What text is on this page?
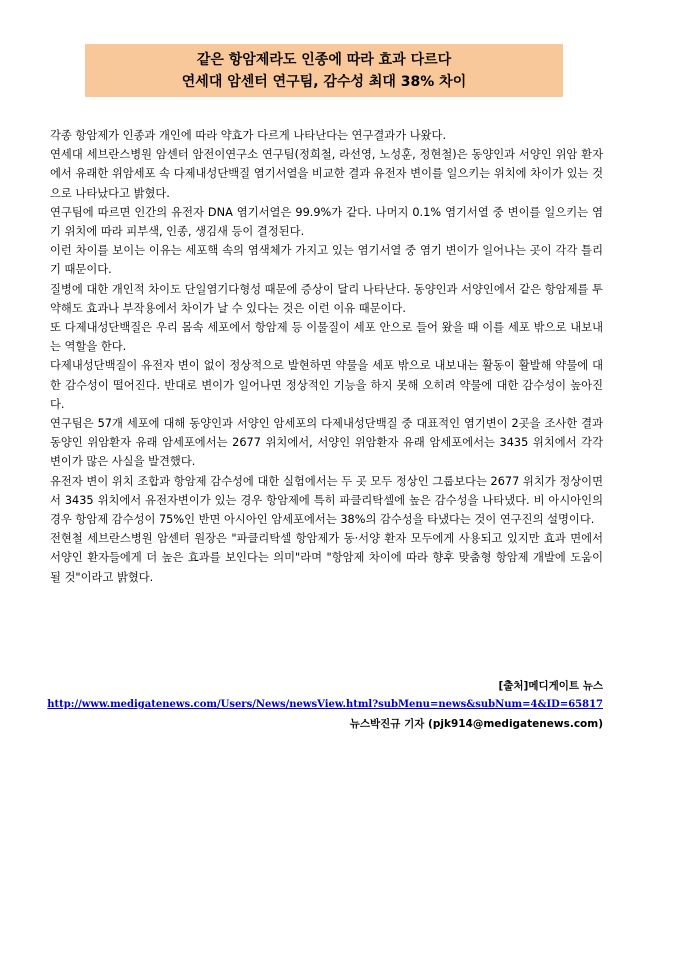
같은 항암제라도 인종에 따라 효과 다르다
연세대 암센터 연구팀, 감수성 최대 38% 차이

각종 항암제가 인종과 개인에 따라 약효가 다르게 나타난다는 연구결과가 나왔다.

연세대 세브란스병원 암센터 암전이연구소 연구팀(정희철, 라선영, 노성훈, 정현철)은 동양인과 서양인 위암 환자에서 유래한 위암세포 속 다제내성단백질 염기서열을 비교한 결과 유전자 변이를 일으키는 위치에 차이가 있는 것으로 나타났다고 밝혔다.

연구팀에 따르면 인간의 유전자 DNA 염기서열은 99.9%가 같다. 나머지 0.1% 염기서열 중 변이를 일으키는 염기 위치에 따라 피부색, 인종, 생김새 등이 결정된다.

이런 차이를 보이는 이유는 세포핵 속의 염색체가 가지고 있는 염기서열 중 염기 변이가 일어나는 곳이 각각 틀리기 때문이다.

질병에 대한 개인적 차이도 단일염기다형성 때문에 증상이 달리 나타난다. 동양인과 서양인에서 같은 항암제를 투약해도 효과나 부작용에서 차이가 날 수 있다는 것은 이런 이유 때문이다.

또 다제내성단백질은 우리 몸속 세포에서 항암제 등 이물질이 세포 안으로 들어 왔을 때 이를 세포 밖으로 내보내는 역할을 한다.

다제내성단백질이 유전자 변이 없이 정상적으로 발현하면 약물을 세포 밖으로 내보내는 활동이 활발해 약물에 대한 감수성이 떨어진다. 반대로 변이가 일어나면 정상적인 기능을 하지 못해 오히려 약물에 대한 감수성이 높아진다.

연구팀은 57개 세포에 대해 동양인과 서양인 암세포의 다제내성단백질 중 대표적인 염기변이 2곳을 조사한 결과 동양인 위암환자 유래 암세포에서는 2677 위치에서, 서양인 위암환자 유래 암세포에서는 3435 위치에서 각각 변이가 많은 사실을 발견했다.

유전자 변이 위치 조합과 항암제 감수성에 대한 실험에서는 두 곳 모두 정상인 그룹보다는 2677 위치가 정상이면서 3435 위치에서 유전자변이가 있는 경우 항암제에 특히 파클리탁셀에 높은 감수성을 나타냈다. 비 아시아인의 경우 항암제 감수성이 75%인 반면 아시아인 암세포에서는 38%의 감수성을 타냈다는 것이 연구진의 설명이다.

전현철 세브란스병원 암센터 원장은 "파클리탁셀 항암제가 동·서양 환자 모두에게 사용되고 있지만 효과 면에서 서양인 환자들에게 더 높은 효과를 보인다는 의미"라며 "항암제 차이에 따라 향후 맞춤형 항암제 개발에 도움이 될 것"이라고 밝혔다.

[출처]메디게이트 뉴스
http://www.medigatenews.com/Users/News/newsView.html?subMenu=news&subNum=4&ID=65817
뉴스박진규 기자 (pjk914@medigatenews.com)
